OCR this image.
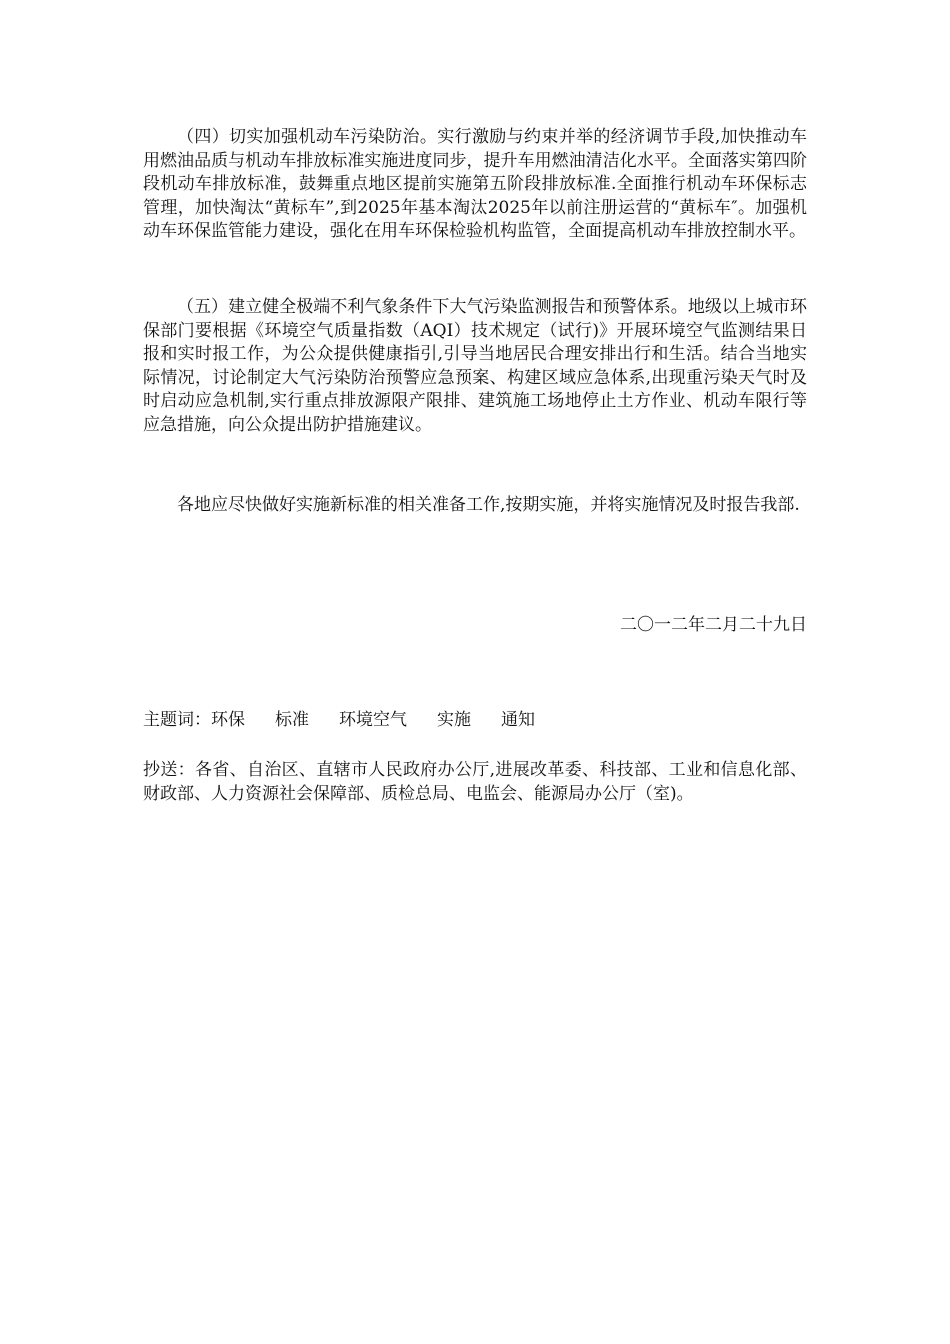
（四）切实加强机动车污染防治。实行激励与约束并举的经济调节手段,加快推动车用燃油品质与机动车排放标准实施进度同步，提升车用燃油清洁化水平。全面落实第四阶段机动车排放标准，鼓舞重点地区提前实施第五阶段排放标准.全面推行机动车环保标志管理，加快淘汰“黄标车”,到2025年基本淘汰2025年以前注册运营的“黄标车″。加强机动车环保监管能力建设，强化在用车环保检验机构监管，全面提高机动车排放控制水平。

（五）建立健全极端不利气象条件下大气污染监测报告和预警体系。地级以上城市环保部门要根据《环境空气质量指数（AQI）技术规定（试行)》开展环境空气监测结果日报和实时报工作，为公众提供健康指引,引导当地居民合理安排出行和生活。结合当地实际情况，讨论制定大气污染防治预警应急预案、构建区域应急体系,出现重污染天气时及时启动应急机制,实行重点排放源限产限排、建筑施工场地停止土方作业、机动车限行等应急措施，向公众提出防护措施建议。

各地应尽快做好实施新标准的相关准备工作,按期实施，并将实施情况及时报告我部.

二〇一二年二月二十九日
主题词：环保 标准 环境空气 实施 通知

抄送：各省、自治区、直辖市人民政府办公厅,进展改革委、科技部、工业和信息化部、财政部、人力资源社会保障部、质检总局、电监会、能源局办公厅（室)。
